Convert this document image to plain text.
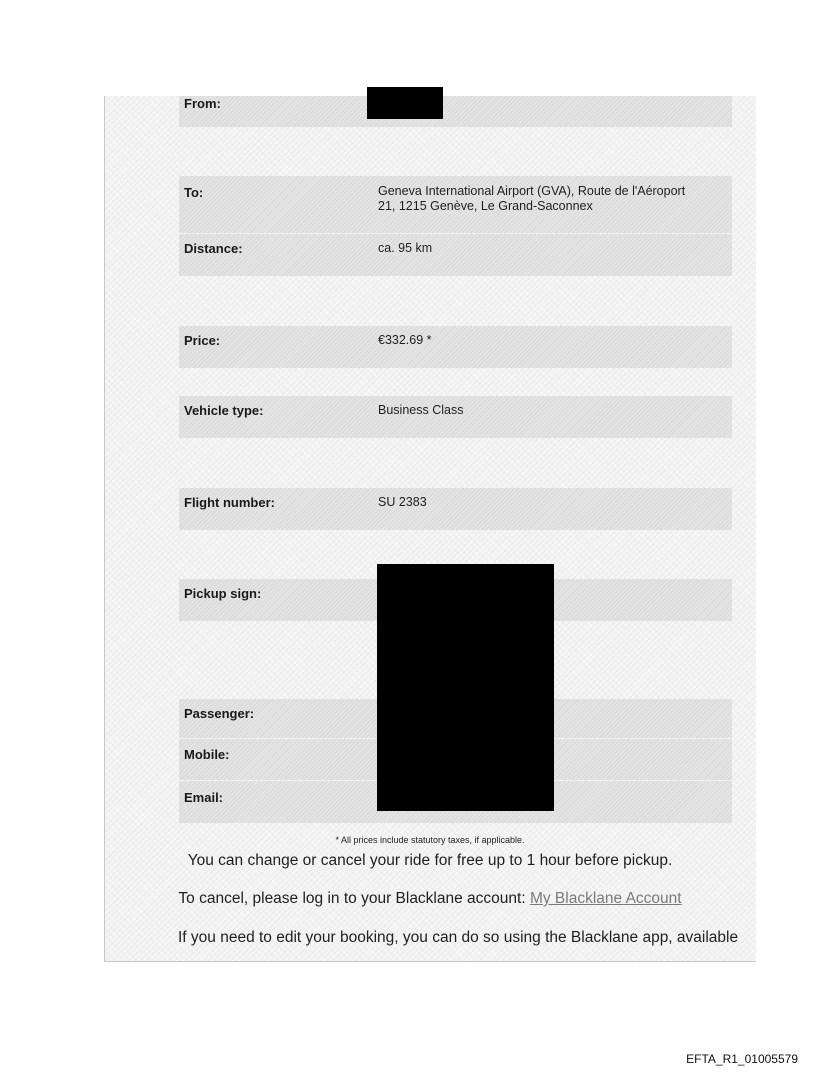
From:
To:	Geneva International Airport (GVA), Route de l'Aéroport
21, 1215 Genève, Le Grand-Saconnex
Distance:	ca. 95 km
Price:	€332.69 *
Vehicle type:	Business Class
Flight number:	SU 2383
Pickup sign:
Passenger:
Mobile:
Email:
* All prices include statutory taxes, if applicable.
You can change or cancel your ride for free up to 1 hour before pickup.
To cancel, please log in to your Blacklane account: My Blacklane Account
If you need to edit your booking, you can do so using the Blacklane app, available
EFTA_R1_01005579
